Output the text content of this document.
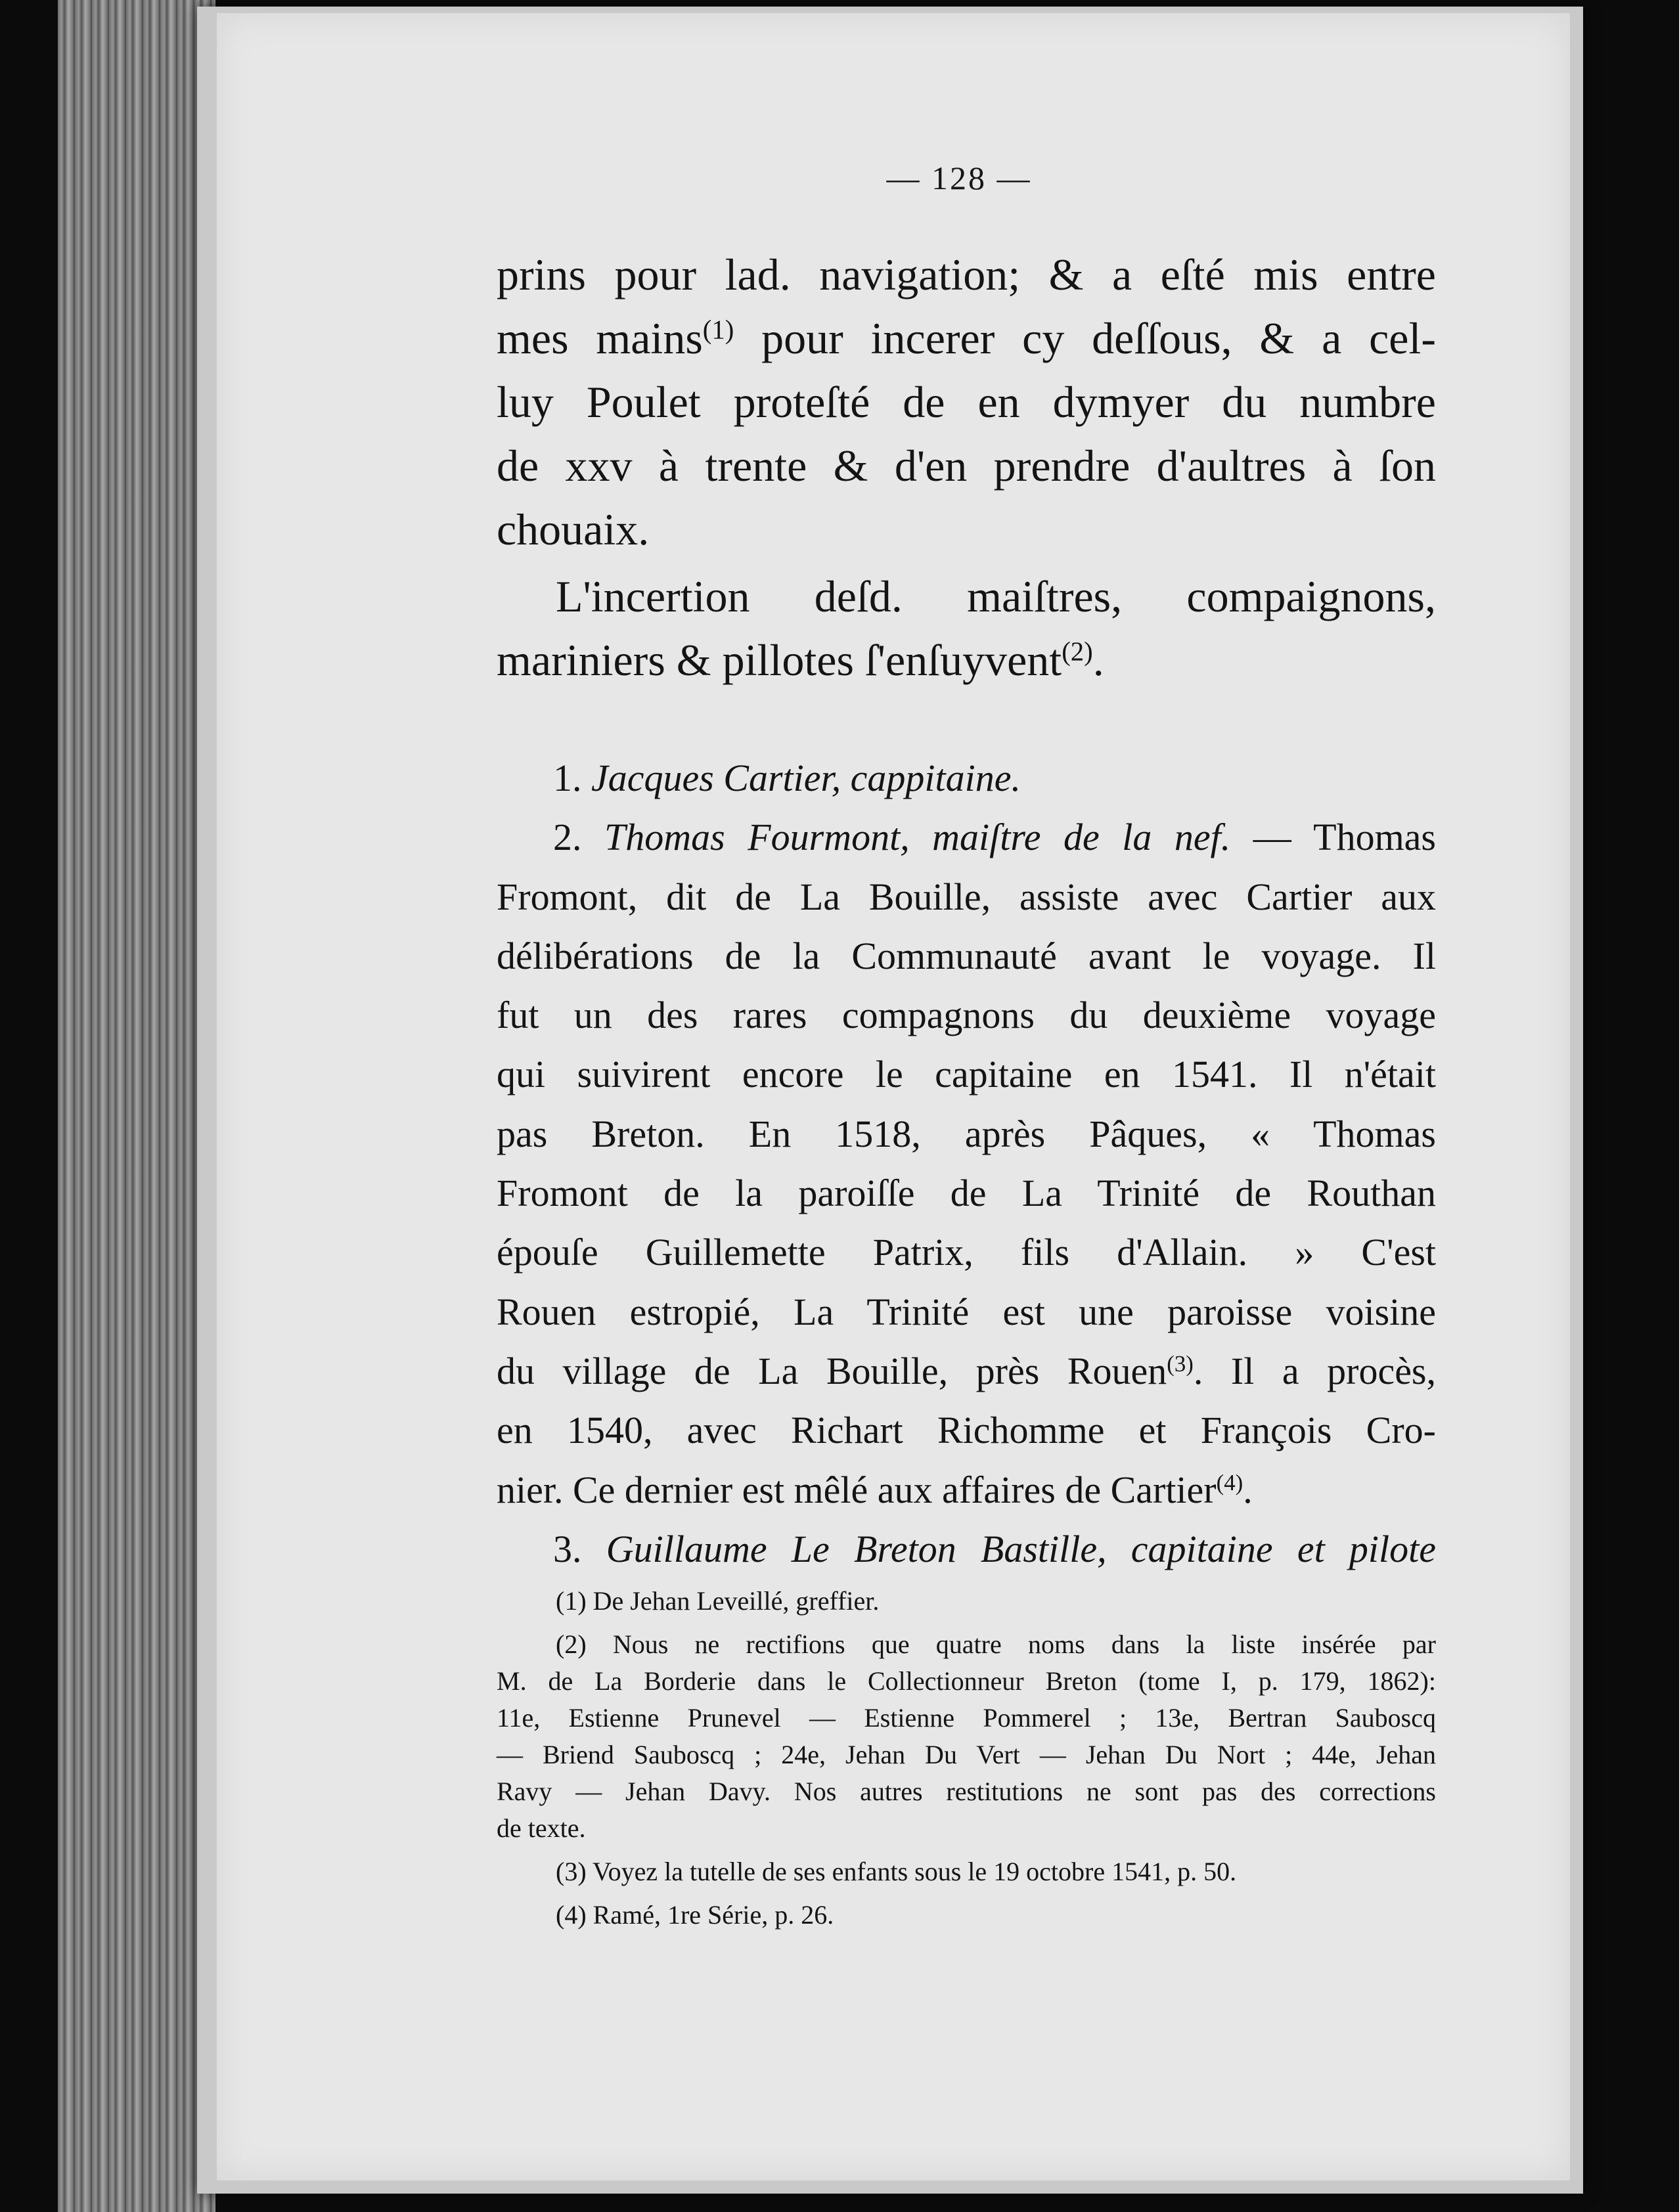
— 128 —
prins pour lad. navigation; & a eſté mis entre
mes mains$^{(1)}$ pour incerer cy deſſous, & a cel-
luy Poulet proteſté de en dymyer du numbre
de xxv à trente & d'en prendre d'aultres à ſon
chouaix.
L'incertion deſd. maiſtres, compaignons,
mariniers & pillotes ſ'enſuyvent$^{(2)}$.
1. Jacques Cartier, cappitaine.
2. Thomas Fourmont, maiſtre de la nef. — Thomas
Fromont, dit de La Bouille, assiste avec Cartier aux
délibérations de la Communauté avant le voyage. Il
fut un des rares compagnons du deuxième voyage
qui suivirent encore le capitaine en 1541. Il n'était
pas Breton. En 1518, après Pâques, « Thomas
Fromont de la paroiſſe de La Trinité de Routhan
épouſe Guillemette Patrix, fils d'Allain. » C'est
Rouen estropié, La Trinité est une paroisse voisine
du village de La Bouille, près Rouen$^{(3)}$. Il a procès,
en 1540, avec Richart Richomme et François Cro-
nier. Ce dernier est mêlé aux affaires de Cartier$^{(4)}$.
3. Guillaume Le Breton Bastille, capitaine et pilote
(1) De Jehan Leveillé, greffier.
(2) Nous ne rectifions que quatre noms dans la liste insérée par
M. de La Borderie dans le Collectionneur Breton (tome I, p. 179, 1862):
11e, Estienne Prunevel — Estienne Pommerel ; 13e, Bertran Sauboscq
— Briend Sauboscq ; 24e, Jehan Du Vert — Jehan Du Nort ; 44e, Jehan
Ravy — Jehan Davy. Nos autres restitutions ne sont pas des corrections
de texte.
(3) Voyez la tutelle de ses enfants sous le 19 octobre 1541, p. 50.
(4) Ramé, 1re Série, p. 26.
